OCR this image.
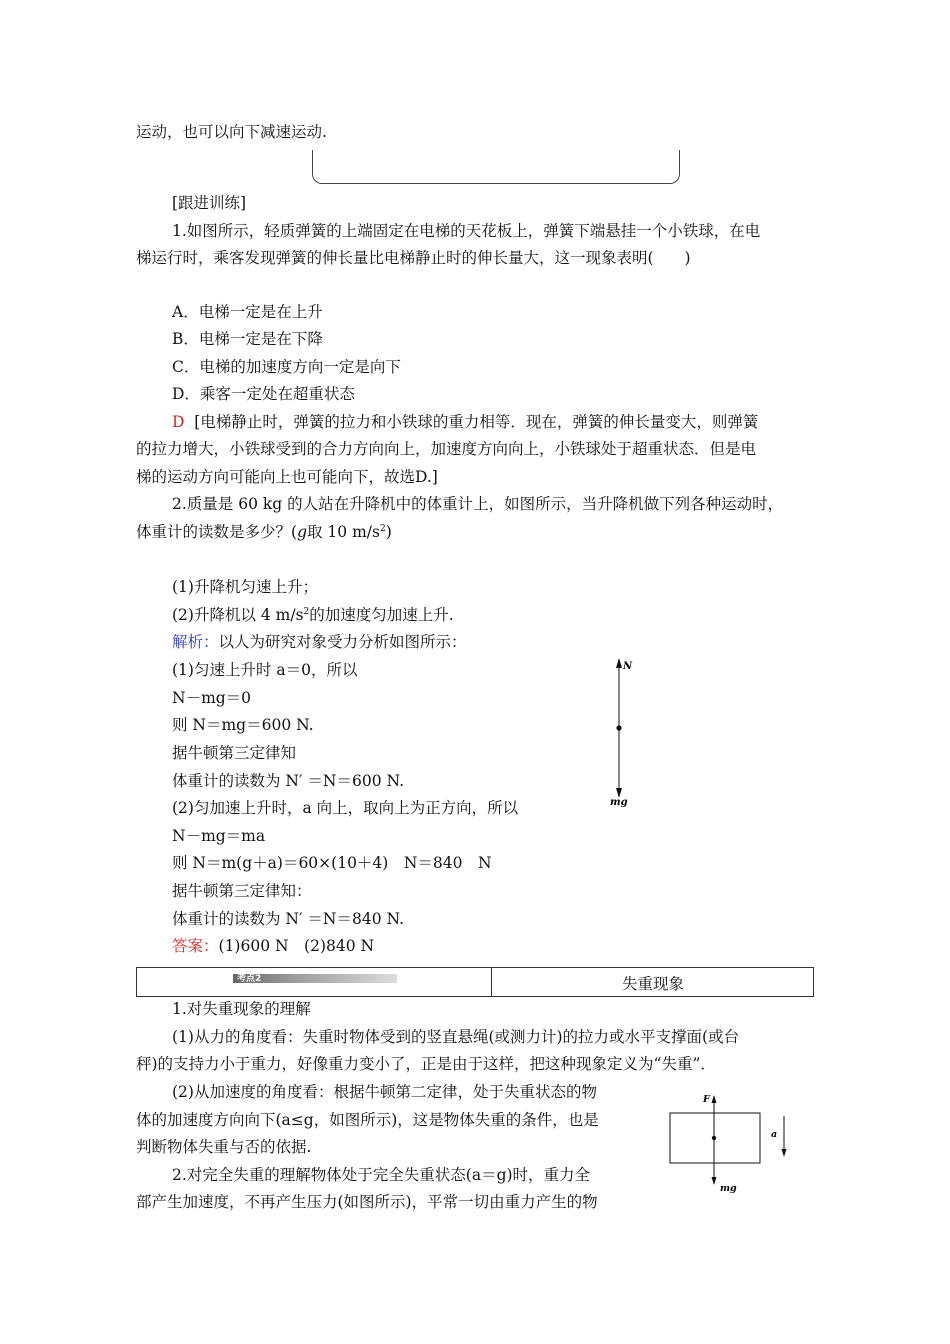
运动，也可以向下减速运动.
[跟进训练]
1.如图所示，轻质弹簧的上端固定在电梯的天花板上，弹簧下端悬挂一个小铁球，在电
梯运行时，乘客发现弹簧的伸长量比电梯静止时的伸长量大，这一现象表明(　　)
A．电梯一定是在上升
B．电梯一定是在下降
C．电梯的加速度方向一定是向下
D．乘客一定处在超重状态
D [电梯静止时，弹簧的拉力和小铁球的重力相等．现在，弹簧的伸长量变大，则弹簧
的拉力增大，小铁球受到的合力方向向上，加速度方向向上，小铁球处于超重状态．但是电
梯的运动方向可能向上也可能向下，故选D.]
2.质量是 60 kg 的人站在升降机中的体重计上，如图所示，当升降机做下列各种运动时，
体重计的读数是多少？(g取 10 $m/s^2$)
(1)升降机匀速上升；
(2)升降机以 4 $m/s^2$的加速度匀加速上升.
解析：以人为研究对象受力分析如图所示：
(1)匀速上升时 a＝0，所以
N－mg＝0
则 N＝mg＝600 N.
据牛顿第三定律知
体重计的读数为 N′ ＝N＝600 N.
(2)匀加速上升时，a 向上，取向上为正方向，所以
N－mg＝ma
则 N＝m(g＋a)＝60×(10＋4)　N＝840　N
据牛顿第三定律知：
体重计的读数为 N′ ＝N＝840 N.
答案：(1)600 N　(2)840 N
N
mg
考点2	失重现象
1.对失重现象的理解
(1)从力的角度看：失重时物体受到的竖直悬绳(或测力计)的拉力或水平支撑面(或台
秤)的支持力小于重力，好像重力变小了，正是由于这样，把这种现象定义为“失重”．
(2)从加速度的角度看：根据牛顿第二定律，处于失重状态的物
体的加速度方向向下(a≤g，如图所示)，这是物体失重的条件，也是
判断物体失重与否的依据.
2.对完全失重的理解物体处于完全失重状态(a＝g)时，重力全
部产生加速度，不再产生压力(如图所示)，平常一切由重力产生的物
F
a
mg
